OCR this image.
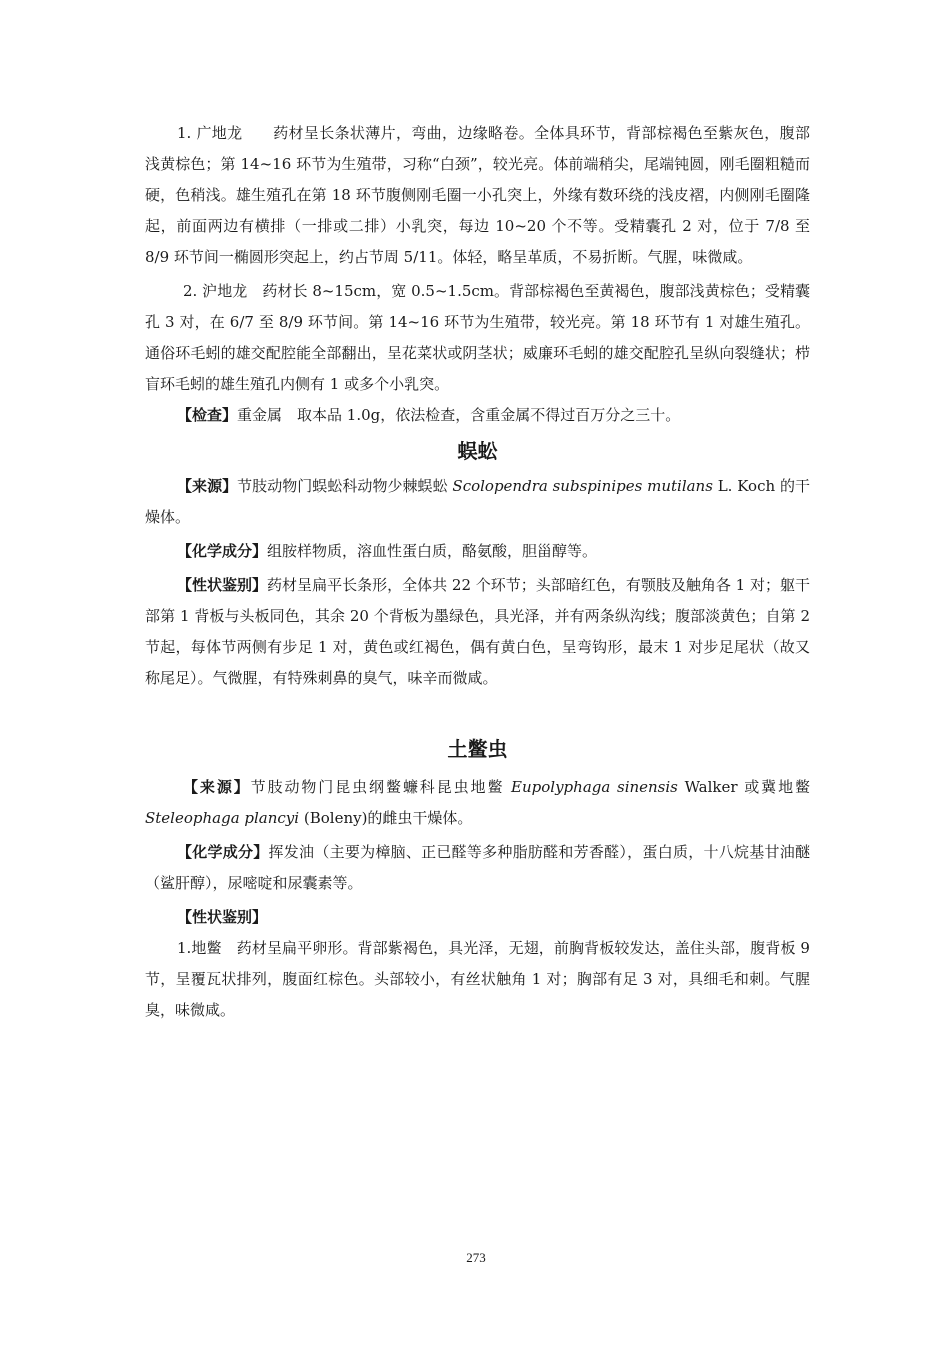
1. 广地龙　　 药材呈长条状薄片，弯曲，边缘略卷。全体具环节，背部棕褐色至紫灰色，腹部浅黄棕色；第 14~16 环节为生殖带，习称“白颈”，较光亮。体前端稍尖，尾端钝圆，刚毛圈粗糙而硬，色稍浅。雄生殖孔在第 18 环节腹侧刚毛圈一小孔突上，外缘有数环绕的浅皮褶，内侧刚毛圈隆起，前面两边有横排（一排或二排）小乳突，每边 10~20 个不等。受精囊孔 2 对，位于 7/8 至 8/9 环节间一椭圆形突起上，约占节周 5/11。体轻，略呈革质，不易折断。气腥，味微咸。

2. 沪地龙　 药材长 8~15cm，宽 0.5~1.5cm。背部棕褐色至黄褐色，腹部浅黄棕色；受精囊孔 3 对，在 6/7 至 8/9 环节间。第 14~16 环节为生殖带，较光亮。第 18 环节有 1 对雄生殖孔。通俗环毛蚓的雄交配腔能全部翻出，呈花菜状或阴茎状；威廉环毛蚓的雄交配腔孔呈纵向裂缝状；栉盲环毛蚓的雄生殖孔内侧有 1 或多个小乳突。

【检查】重金属　取本品 1.0g，依法检查，含重金属不得过百万分之三十。

蜈蚣

【来源】节肢动物门蜈蚣科动物少棘蜈蚣 Scolopendra subspinipes mutilans L. Koch 的干燥体。

【化学成分】组胺样物质，溶血性蛋白质，酪氨酸，胆甾醇等。

【性状鉴别】药材呈扁平长条形，全体共 22 个环节；头部暗红色，有颚肢及触角各 1 对；躯干部第 1 背板与头板同色，其余 20 个背板为墨绿色，具光泽，并有两条纵沟线；腹部淡黄色；自第 2 节起，每体节两侧有步足 1 对，黄色或红褐色，偶有黄白色，呈弯钩形，最末 1 对步足尾状（故又称尾足）。气微腥，有特殊刺鼻的臭气，味辛而微咸。

土鳖虫

【来源】节肢动物门昆虫纲鳖蠊科昆虫地鳖 Eupolyphaga sinensis Walker 或冀地鳖 Steleophaga plancyi (Boleny)的雌虫干燥体。

【化学成分】挥发油（主要为樟脑、正已醛等多种脂肪醛和芳香醛），蛋白质，十八烷基甘油醚（鲨肝醇），尿嘧啶和尿囊素等。

【性状鉴别】

1.地鳖　 药材呈扁平卵形。背部紫褐色，具光泽，无翅，前胸背板较发达，盖住头部，腹背板 9 节，呈覆瓦状排列，腹面红棕色。头部较小，有丝状触角 1 对；胸部有足 3 对，具细毛和刺。气腥臭，味微咸。

273
